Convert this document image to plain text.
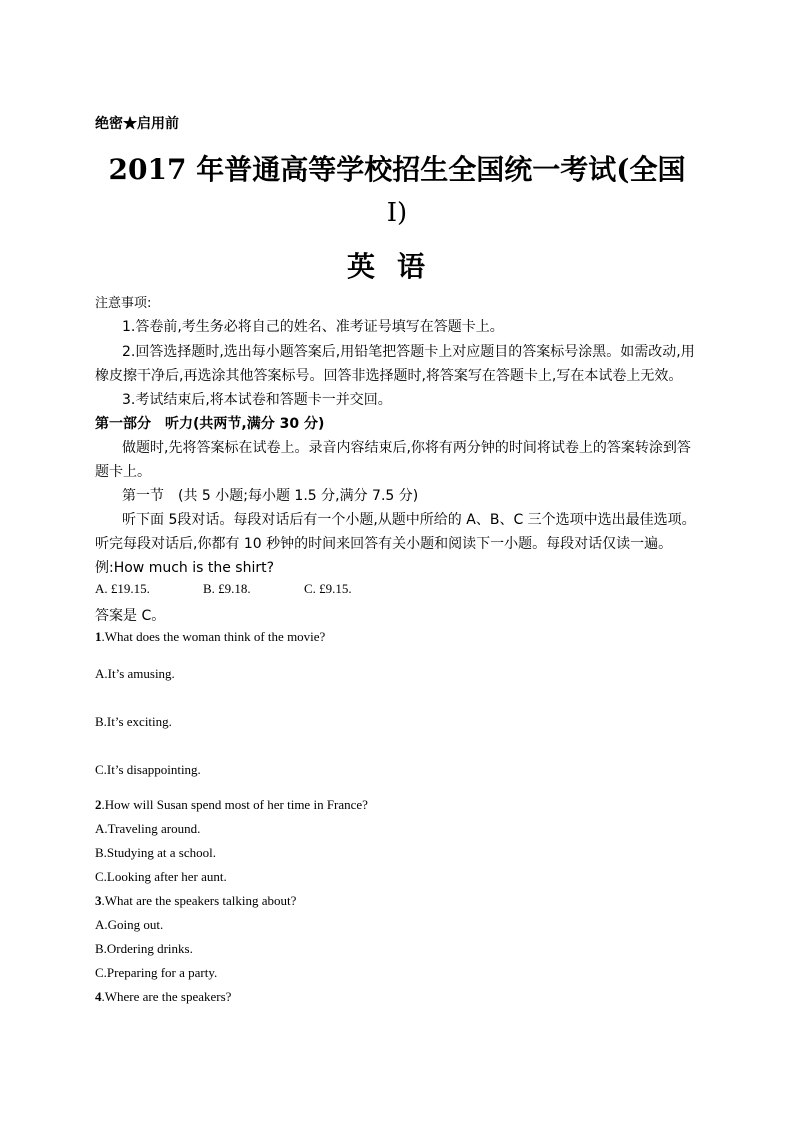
绝密★启用前
2017 年普通高等学校招生全国统一考试(全国
Ⅰ)
英语
注意事项:
1.答卷前,考生务必将自己的姓名、准考证号填写在答题卡上。
2.回答选择题时,选出每小题答案后,用铅笔把答题卡上对应题目的答案标号涂黑。如需改动,用
橡皮擦干净后,再选涂其他答案标号。回答非选择题时,将答案写在答题卡上,写在本试卷上无效。
3.考试结束后,将本试卷和答题卡一并交回。
第一部分　听力(共两节,满分 30 分)
做题时,先将答案标在试卷上。录音内容结束后,你将有两分钟的时间将试卷上的答案转涂到答
题卡上。
第一节　(共 5 小题;每小题 1.5 分,满分 7.5 分)
听下面 5段对话。每段对话后有一个小题,从题中所给的 A、B、C 三个选项中选出最佳选项。
听完每段对话后,你都有 10 秒钟的时间来回答有关小题和阅读下一小题。每段对话仅读一遍。
例:How much is the shirt?
A. £19.15.	B. £9.18.	C. £9.15.
答案是 C。
1.What does the woman think of the movie?
A.It’s amusing.
B.It’s exciting.
C.It’s disappointing.
2.How will Susan spend most of her time in France?
A.Traveling around.
B.Studying at a school.
C.Looking after her aunt.
3.What are the speakers talking about?
A.Going out.
B.Ordering drinks.
C.Preparing for a party.
4.Where are the speakers?
